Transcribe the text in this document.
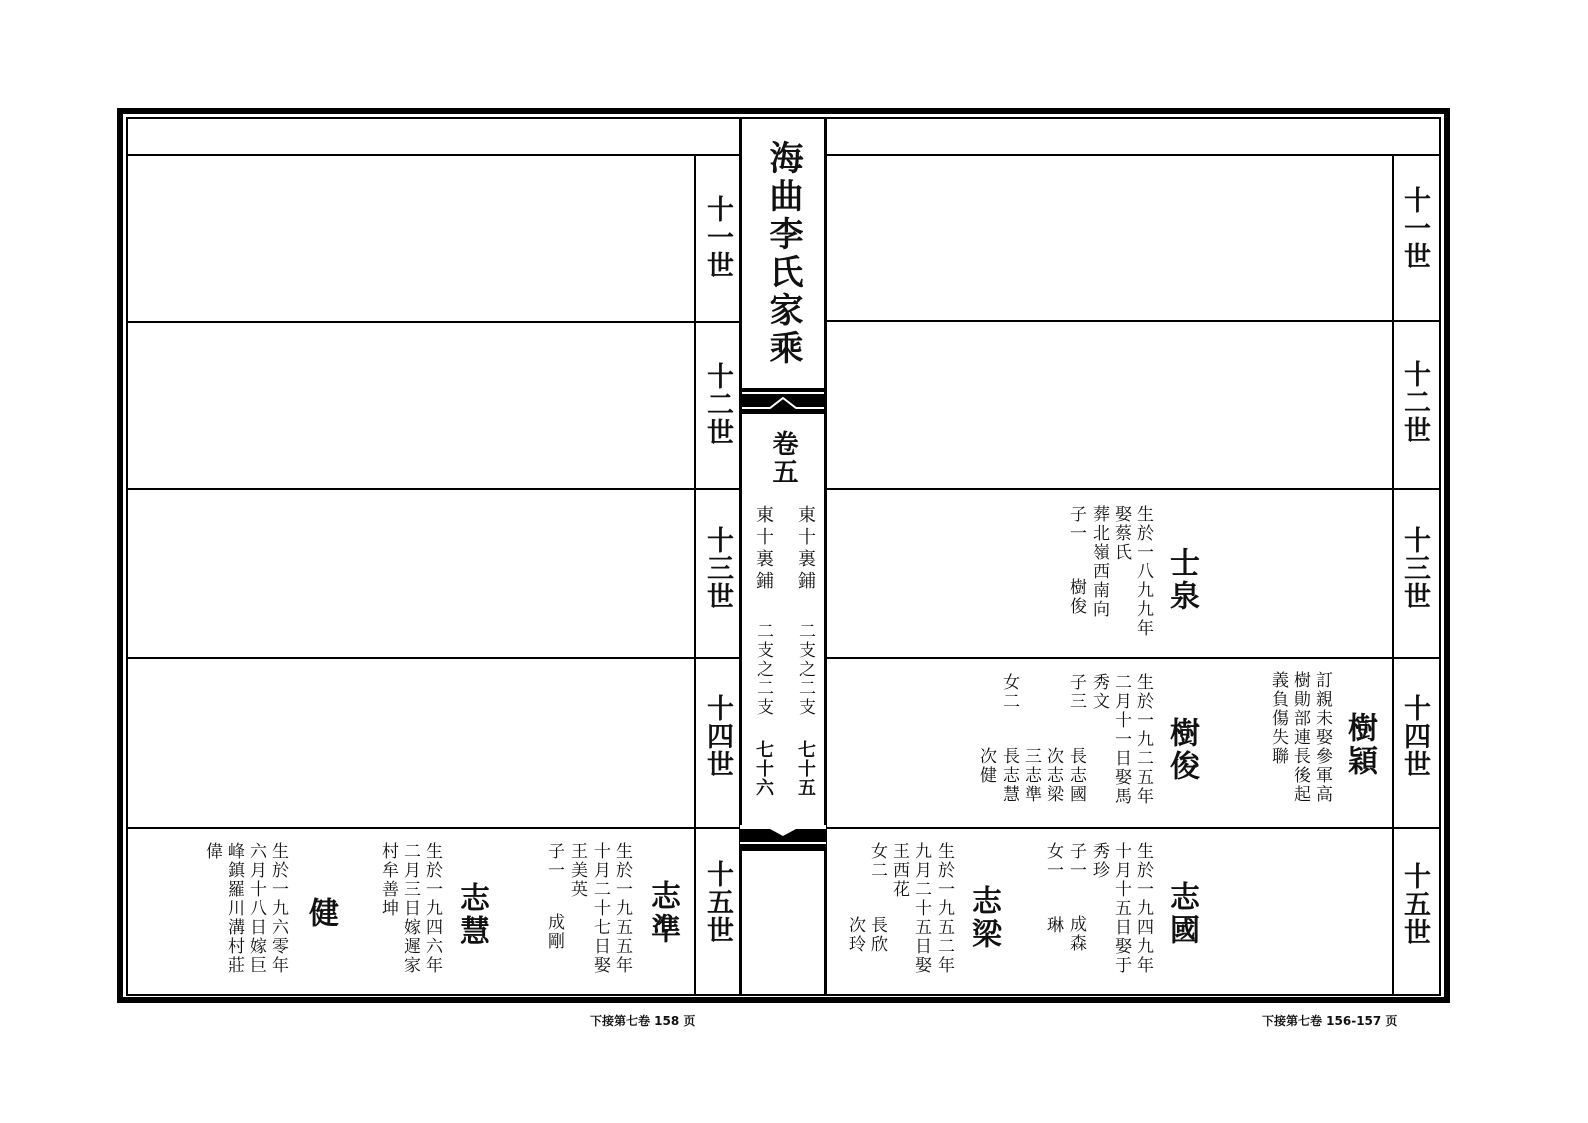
海曲李氏家乘
卷五
東十裏鋪
二支之二支
七十五
東十裏鋪
二支之二支
七十六
十一世
十二世
十三世
十四世
十五世
十一世
十二世
十三世
十四世
十五世
志準
生於一九五五年
十月二十七日娶
王美英
子一
成剛
志慧
生於一九四六年
二月三日嫁遲家
村牟善坤
健
生於一九六零年
六月十八日嫁巨
峰鎮羅川溝村莊
偉
士泉
生於一八九九年
娶蔡氏
葬北嶺西南向
子一
樹俊
樹俊
生於一九二五年
二月十一日娶馬
秀文
子三
長志國
次志梁
三志準
女二
長志慧
次健	樹穎
訂親未娶參軍高
樹勛部連長後起
義負傷失聯
志國
生於一九四九年
十月十五日娶于
秀珍
子一
成森
女一
琳
志梁
生於一九五二年
九月二十五日娶
王西花
女二
長欣
次玲
下接第七卷 158 页	下接第七卷 156-157 页
